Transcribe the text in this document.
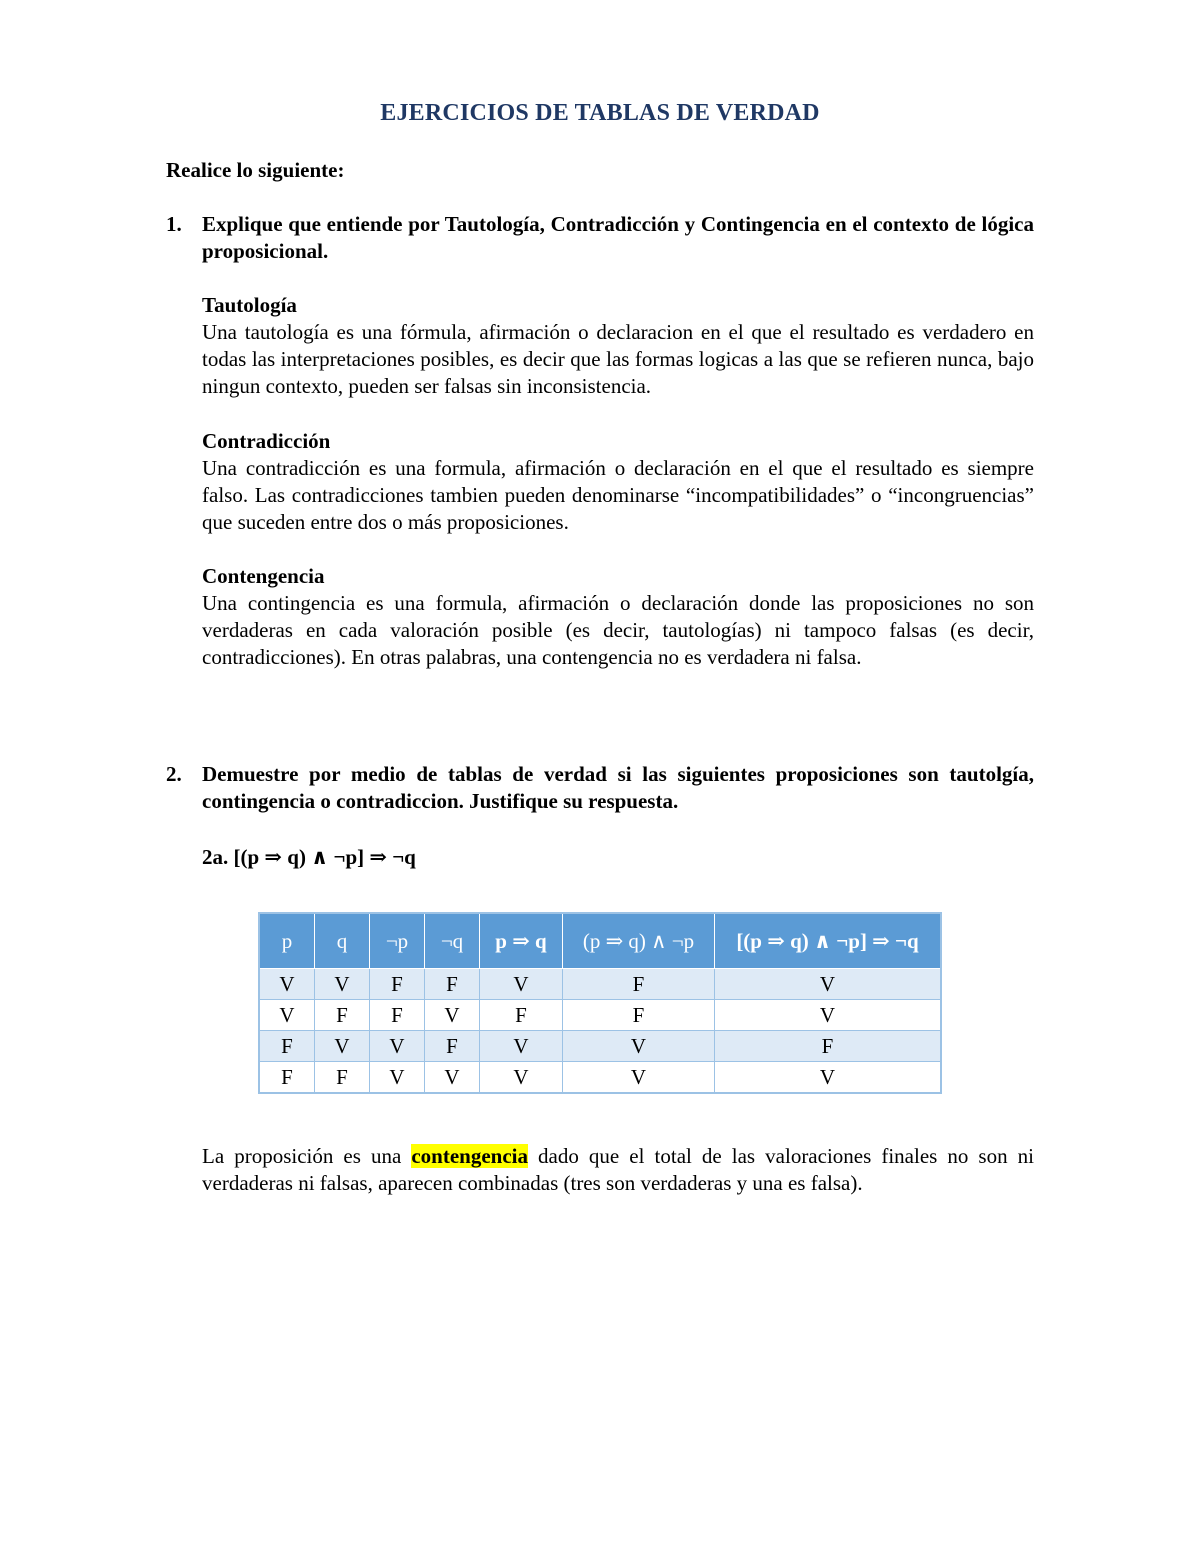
EJERCICIOS DE TABLAS DE VERDAD
Realice lo siguiente:
1. Explique que entiende por Tautología, Contradicción y Contingencia en el contexto de lógica proposicional.
Tautología
Una tautología es una fórmula, afirmación o declaracion en el que el resultado es verdadero en todas las interpretaciones posibles, es decir que las formas logicas a las que se refieren nunca, bajo ningun contexto, pueden ser falsas sin inconsistencia.
Contradicción
Una contradicción es una formula, afirmación o declaración en el que el resultado es siempre falso. Las contradicciones tambien pueden denominarse “incompatibilidades” o “incongruencias” que suceden entre dos o más proposiciones.
Contengencia
Una contingencia es una formula, afirmación o declaración donde las proposiciones no son verdaderas en cada valoración posible (es decir, tautologías) ni tampoco falsas (es decir, contradicciones). En otras palabras, una contengencia no es verdadera ni falsa.
2. Demuestre por medio de tablas de verdad si las siguientes proposiciones son tautolgía, contingencia o contradiccion. Justifique su respuesta.
2a. [(p ⇒ q) ∧ ¬p] ⇒ ¬q
p	q	¬p	¬q	p ⇒ q	(p ⇒ q) ∧ ¬p	[(p ⇒ q) ∧ ¬p] ⇒ ¬q
V	V	F	F	V	F	V
V	F	F	V	F	F	V
F	V	V	F	V	V	F
F	F	V	V	V	V	V
La proposición es una contengencia dado que el total de las valoraciones finales no son ni verdaderas ni falsas, aparecen combinadas (tres son verdaderas y una es falsa).
